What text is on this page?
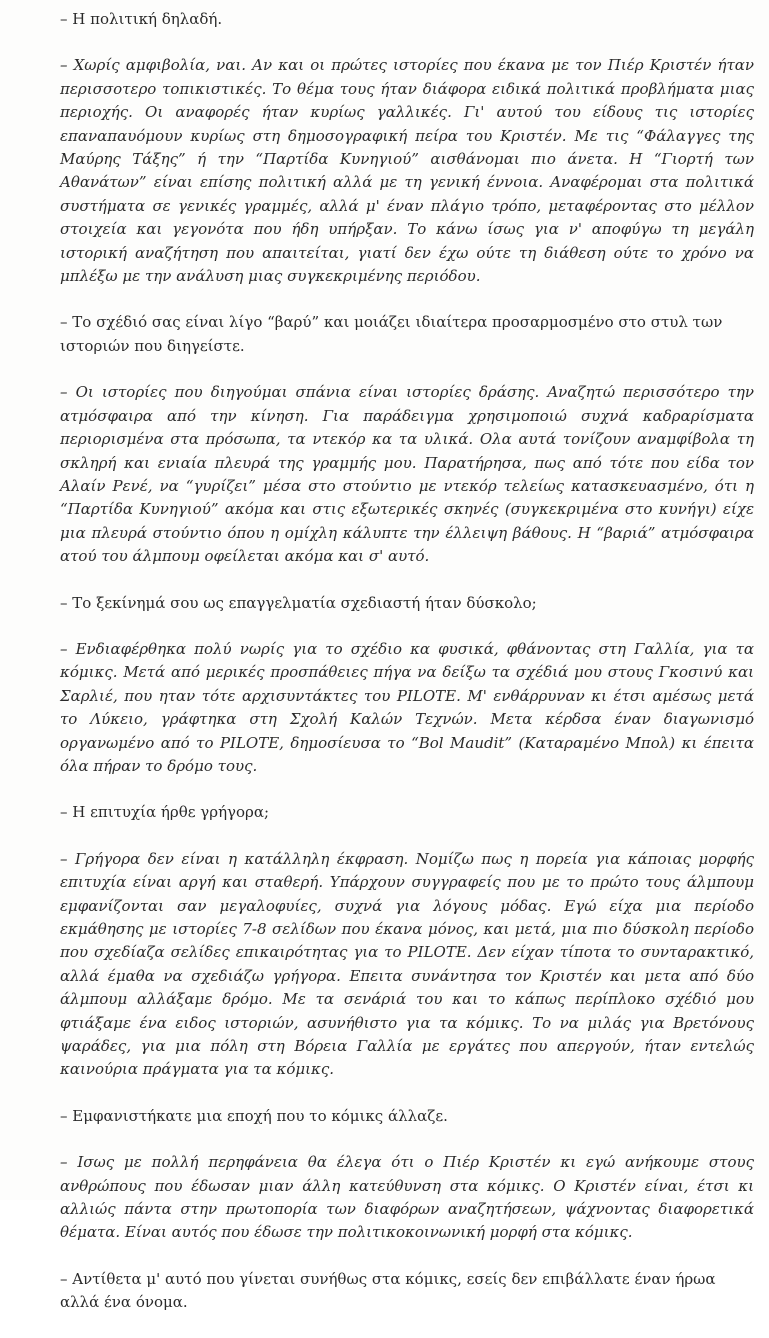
– Η πολιτική δηλαδή.

– Χωρίς αμφιβολία, ναι. Αν και οι πρώτες ιστορίες που έκανα με τον Πιέρ Κριστέν ήταν περισσοτερο τοπικιστικές. Το θέμα τους ήταν διάφορα ειδικά πολιτικά προβλήματα μιας περιοχής. Οι αναφορές ήταν κυρίως γαλλικές. Γι' αυτού του είδους τις ιστορίες επαναπαυόμουν κυρίως στη δημοσογραφική πείρα του Κριστέν. Με τις “Φάλαγγες της Μαύρης Τάξης” ή την “Παρτίδα Κυνηγιού” αισθάνομαι πιο άνετα. Η “Γιορτή των Αθανάτων” είναι επίσης πολιτική αλλά με τη γενική έννοια. Αναφέρομαι στα πολιτικά συστήματα σε γενικές γραμμές, αλλά μ' έναν πλάγιο τρόπο, μεταφέροντας στο μέλλον στοιχεία και γεγονότα που ήδη υπήρξαν. Το κάνω ίσως για ν' αποφύγω τη μεγάλη ιστορική αναζήτηση που απαιτείται, γιατί δεν έχω ούτε τη διάθεση ούτε το χρόνο να μπλέξω με την ανάλυση μιας συγκεκριμένης περιόδου.

– Το σχέδιό σας είναι λίγο “βαρύ” και μοιάζει ιδιαίτερα προσαρμοσμένο στο στυλ των ιστοριών που διηγείστε.

– Οι ιστορίες που διηγούμαι σπάνια είναι ιστορίες δράσης. Αναζητώ περισσότερο την ατμόσφαιρα από την κίνηση. Για παράδειγμα χρησιμοποιώ συχνά καδραρίσματα περιορισμένα στα πρόσωπα, τα ντεκόρ κα τα υλικά. Ολα αυτά τονίζουν αναμφίβολα τη σκληρή και ενιαία πλευρά της γραμμής μου. Παρατήρησα, πως από τότε που είδα τον Αλαίν Ρενέ, να “γυρίζει” μέσα στο στούντιο με ντεκόρ τελείως κατασκευασμένο, ότι η “Παρτίδα Κυνηγιού” ακόμα και στις εξωτερικές σκηνές (συγκεκριμένα στο κυνήγι) είχε μια πλευρά στούντιο όπου η ομίχλη κάλυπτε την έλλειψη βάθους. Η “βαριά” ατμόσφαιρα ατού του άλμπουμ οφείλεται ακόμα και σ' αυτό.

– Το ξεκίνημά σου ως επαγγελματία σχεδιαστή ήταν δύσκολο;

– Ενδιαφέρθηκα πολύ νωρίς για το σχέδιο κα φυσικά, φθάνοντας στη Γαλλία, για τα κόμικς. Μετά από μερικές προσπάθειες πήγα να δείξω τα σχέδιά μου στους Γκοσινύ και Σαρλιέ, που ηταν τότε αρχισυντάκτες του PILOTE. Μ' ενθάρρυναν κι έτσι αμέσως μετά το Λύκειο, γράφτηκα στη Σχολή Καλών Τεχνών. Μετα κέρδσα έναν διαγωνισμό οργανωμένο από το PILOTE, δημοσίευσα το “Bol Maudit” (Καταραμένο Μπολ) κι έπειτα όλα πήραν το δρόμο τους.

– Η επιτυχία ήρθε γρήγορα;

– Γρήγορα δεν είναι η κατάλληλη έκφραση. Νομίζω πως η πορεία για κάποιας μορφής επιτυχία είναι αργή και σταθερή. Υπάρχουν συγγραφείς που με το πρώτο τους άλμπουμ εμφανίζονται σαν μεγαλοφυίες, συχνά για λόγους μόδας. Εγώ είχα μια περίοδο εκμάθησης με ιστορίες 7-8 σελίδων που έκανα μόνος, και μετά, μια πιο δύσκολη περίοδο που σχεδίαζα σελίδες επικαιρότητας για το PILOTE. Δεν είχαν τίποτα το συνταρακτικό, αλλά έμαθα να σχεδιάζω γρήγορα. Επειτα συνάντησα τον Κριστέν και μετα από δύο άλμπουμ αλλάξαμε δρόμο. Με τα σενάριά του και το κάπως περίπλοκο σχέδιό μου φτιάξαμε ένα ειδος ιστοριών, ασυνήθιστο για τα κόμικς. Το να μιλάς για Βρετόνους ψαράδες, για μια πόλη στη Βόρεια Γαλλία με εργάτες που απεργούν, ήταν εντελώς καινούρια πράγματα για τα κόμικς.

– Εμφανιστήκατε μια εποχή που το κόμικς άλλαζε.

– Ισως με πολλή περηφάνεια θα έλεγα ότι ο Πιέρ Κριστέν κι εγώ ανήκουμε στους ανθρώπους που έδωσαν μιαν άλλη κατεύθυνση στα κόμικς. Ο Κριστέν είναι, έτσι κι αλλιώς πάντα στην πρωτοπορία των διαφόρων αναζητήσεων, ψάχνοντας διαφορετικά θέματα. Είναι αυτός που έδωσε την πολιτικοκοινωνική μορφή στα κόμικς.

– Αντίθετα μ' αυτό που γίνεται συνήθως στα κόμικς, εσείς δεν επιβάλλατε έναν ήρωα αλλά ένα όνομα.
